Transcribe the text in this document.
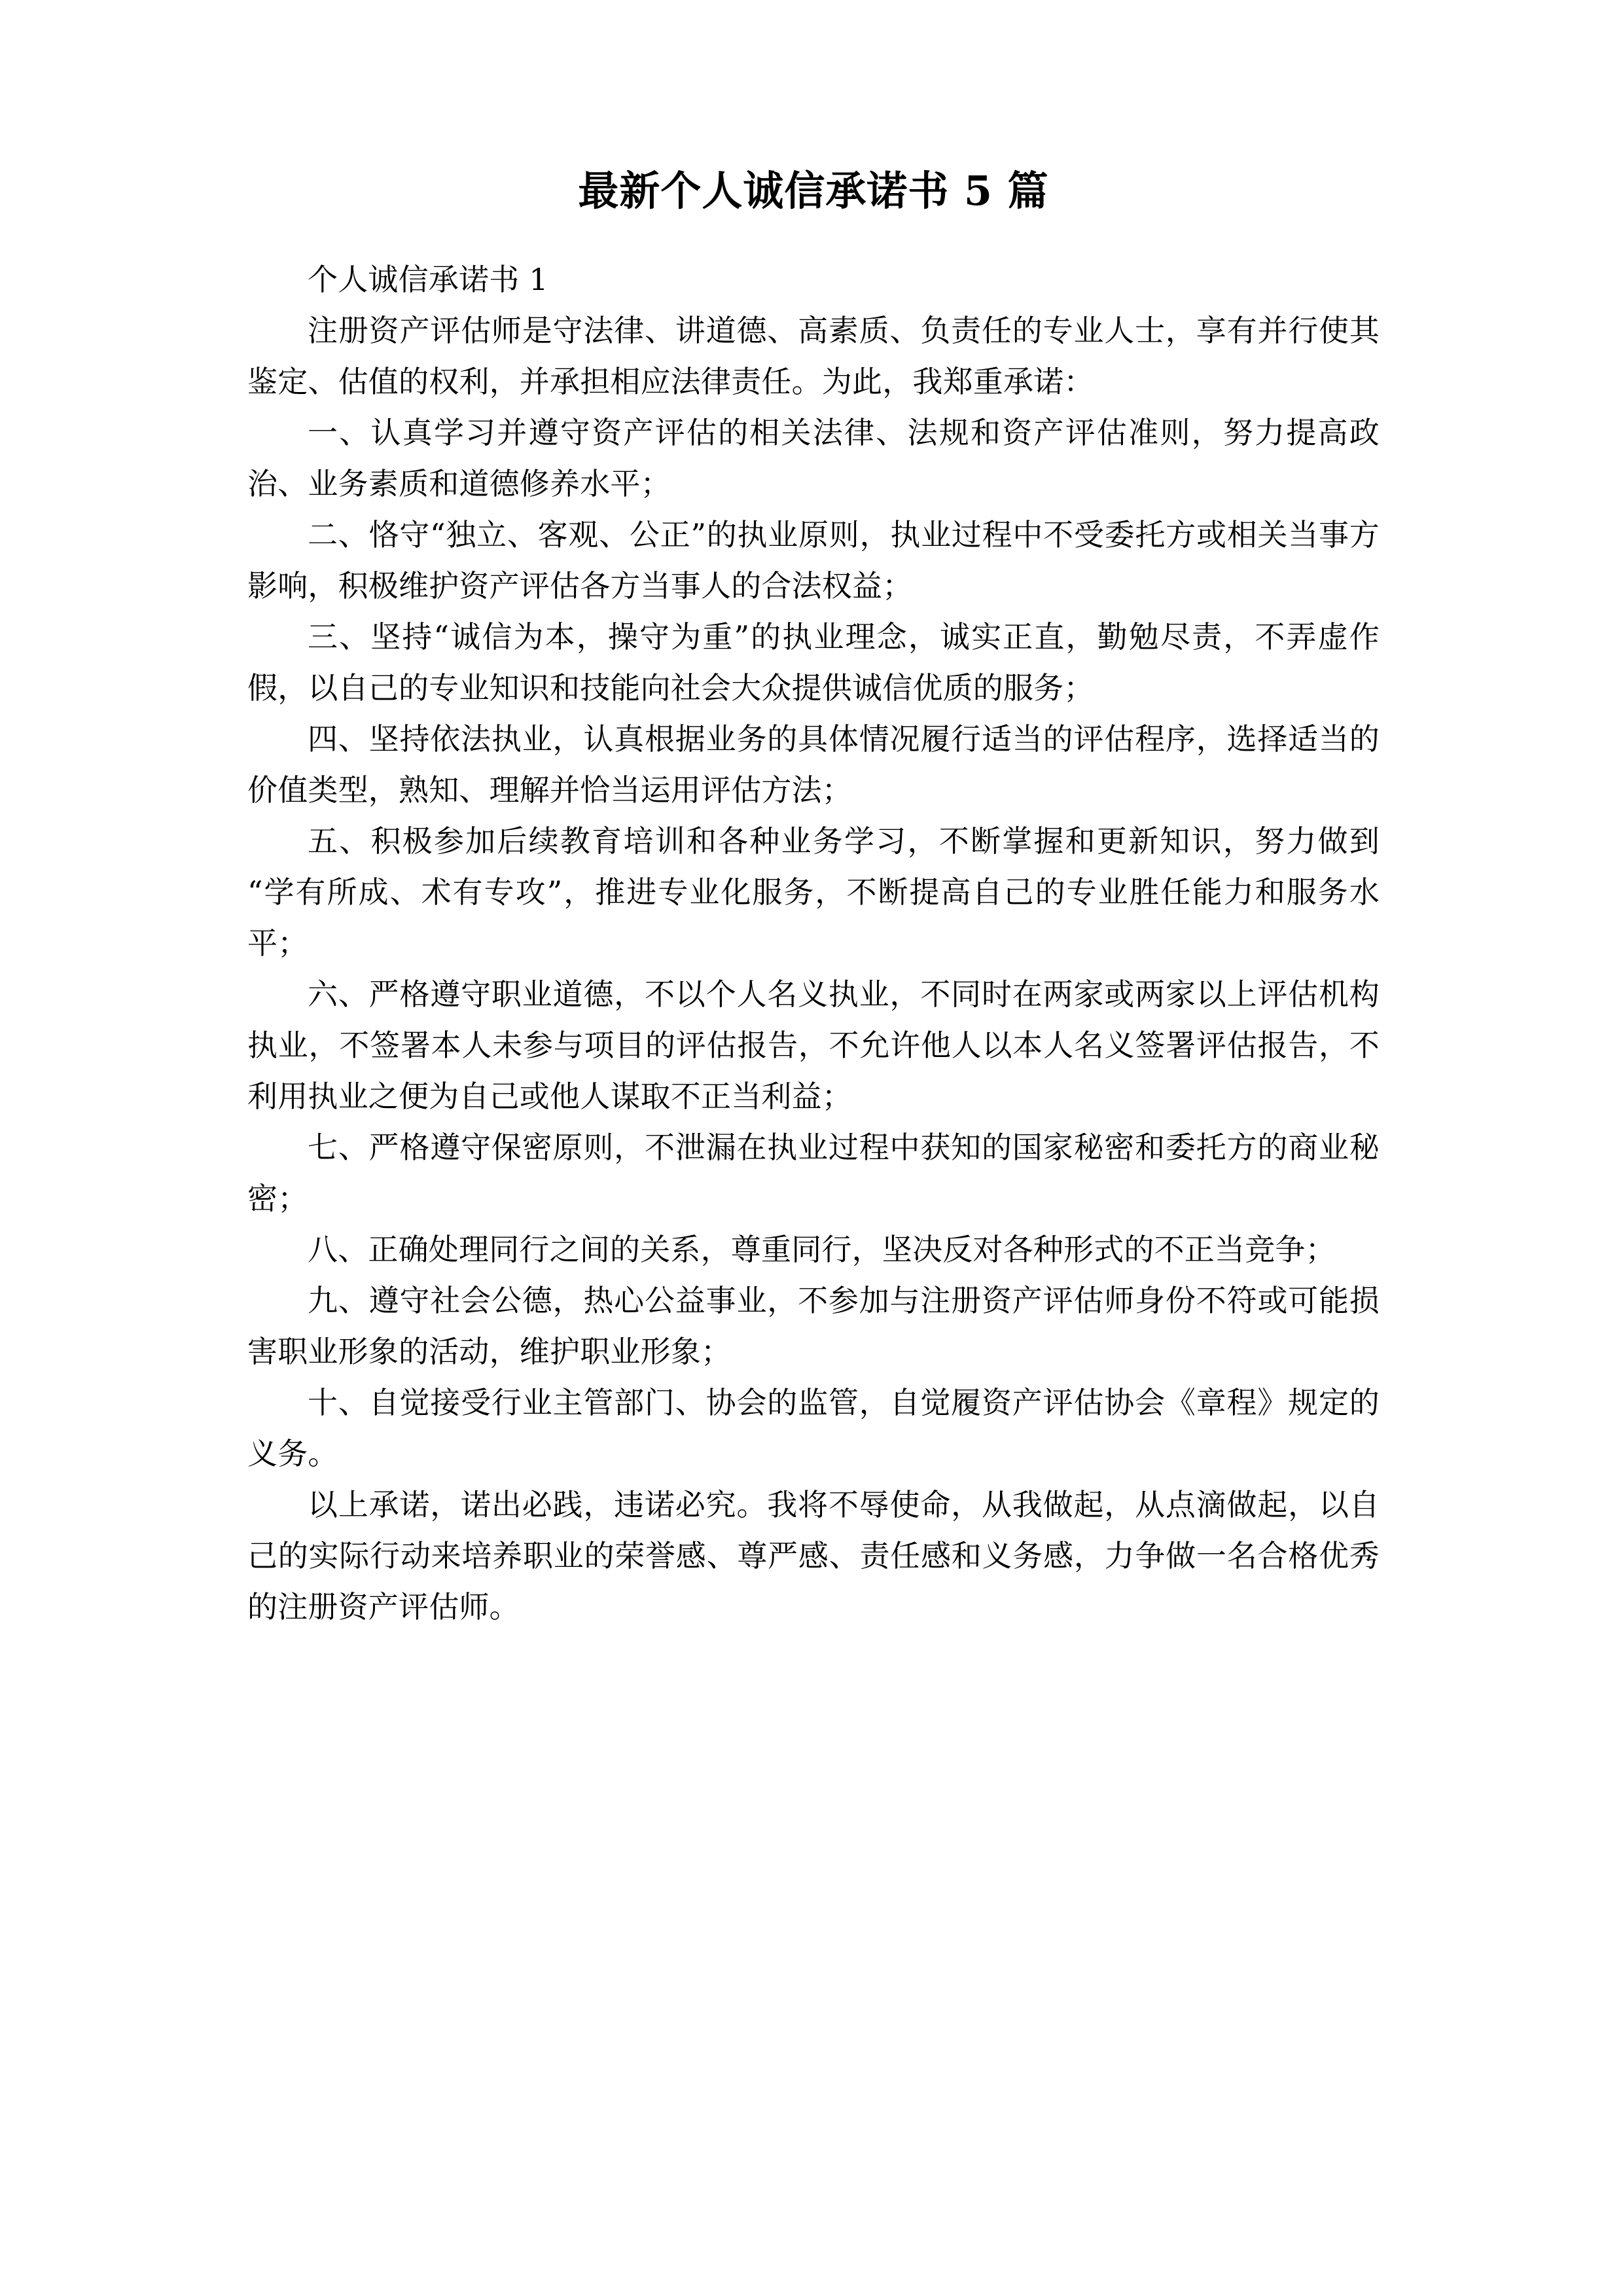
最新个人诚信承诺书 5 篇

个人诚信承诺书 1

注册资产评估师是守法律、讲道德、高素质、负责任的专业人士，享有并行使其鉴定、估值的权利，并承担相应法律责任。为此，我郑重承诺：

一、认真学习并遵守资产评估的相关法律、法规和资产评估准则，努力提高政治、业务素质和道德修养水平；

二、恪守“独立、客观、公正”的执业原则，执业过程中不受委托方或相关当事方影响，积极维护资产评估各方当事人的合法权益；

三、坚持“诚信为本，操守为重”的执业理念，诚实正直，勤勉尽责，不弄虚作假，以自己的专业知识和技能向社会大众提供诚信优质的服务；

四、坚持依法执业，认真根据业务的具体情况履行适当的评估程序，选择适当的价值类型，熟知、理解并恰当运用评估方法；

五、积极参加后续教育培训和各种业务学习，不断掌握和更新知识，努力做到“学有所成、术有专攻”，推进专业化服务，不断提高自己的专业胜任能力和服务水平；

六、严格遵守职业道德，不以个人名义执业，不同时在两家或两家以上评估机构执业，不签署本人未参与项目的评估报告，不允许他人以本人名义签署评估报告，不利用执业之便为自己或他人谋取不正当利益；

七、严格遵守保密原则，不泄漏在执业过程中获知的国家秘密和委托方的商业秘密；

八、正确处理同行之间的关系，尊重同行，坚决反对各种形式的不正当竞争；

九、遵守社会公德，热心公益事业，不参加与注册资产评估师身份不符或可能损害职业形象的活动，维护职业形象；

十、自觉接受行业主管部门、协会的监管，自觉履资产评估协会《章程》规定的义务。

以上承诺，诺出必践，违诺必究。我将不辱使命，从我做起，从点滴做起，以自己的实际行动来培养职业的荣誉感、尊严感、责任感和义务感，力争做一名合格优秀的注册资产评估师。
